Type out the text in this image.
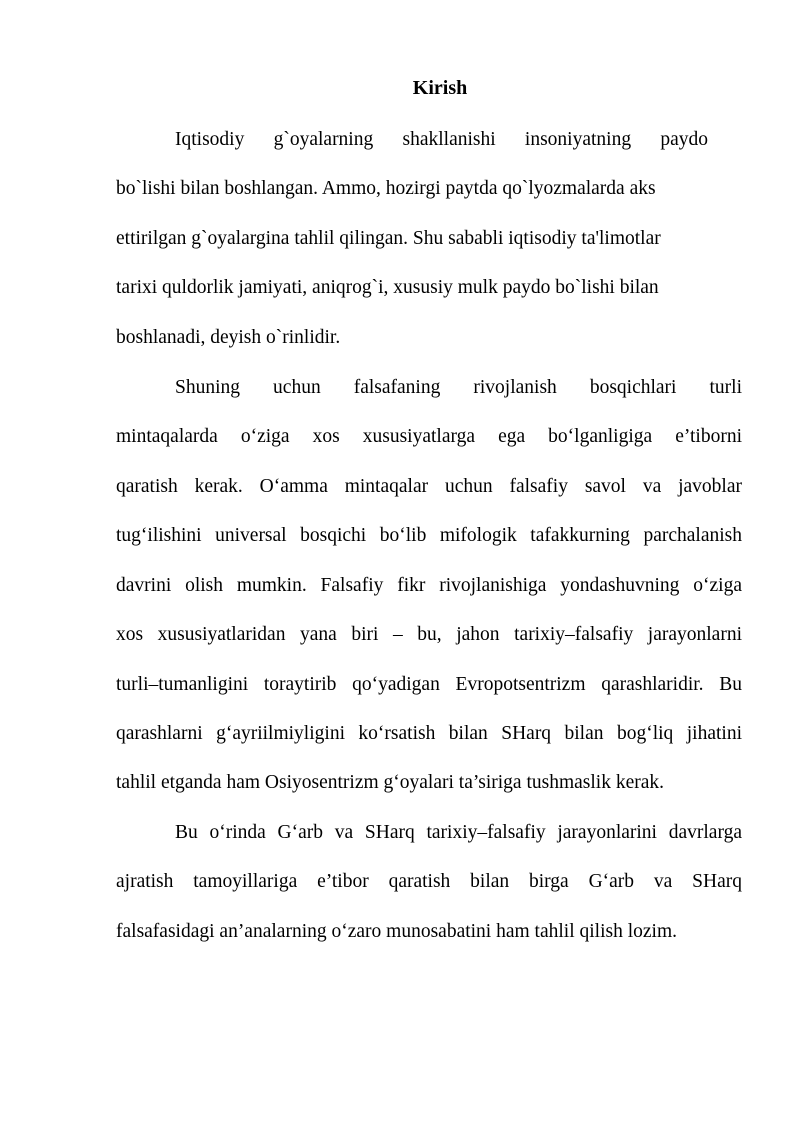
Kirish
Iqtisodiy g`oyalarning shakllanishi insoniyatning paydo
bo`lishi bilan boshlangan. Ammo, hozirgi paytda qo`lyozmalarda aks
ettirilgan g`oyalargina tahlil qilingan. Shu sababli iqtisodiy ta'limotlar
tarixi quldorlik jamiyati, aniqrog`i, xususiy mulk paydo bo`lishi bilan
boshlanadi, deyish o`rinlidir.
Shuning uchun falsafaning rivojlanish bosqichlari turli
mintaqalarda o‘ziga xos xususiyatlarga ega bo‘lganligiga e’tiborni
qaratish kerak. O‘amma mintaqalar uchun falsafiy savol va javoblar
tug‘ilishini universal bosqichi bo‘lib mifologik tafakkurning parchalanish
davrini olish mumkin. Falsafiy fikr rivojlanishiga yondashuvning o‘ziga
xos xususiyatlaridan yana biri – bu, jahon tarixiy–falsafiy jarayonlarni
turli–tumanligini toraytirib qo‘yadigan Evropotsentrizm qarashlaridir. Bu
qarashlarni g‘ayriilmiyligini ko‘rsatish bilan SHarq bilan bog‘liq jihatini
tahlil etganda ham Osiyosentrizm g‘oyalari ta’siriga tushmaslik kerak.
Bu o‘rinda G‘arb va SHarq tarixiy–falsafiy jarayonlarini davrlarga
ajratish tamoyillariga e’tibor qaratish bilan birga G‘arb va SHarq
falsafasidagi an’analarning o‘zaro munosabatini ham tahlil qilish lozim.
